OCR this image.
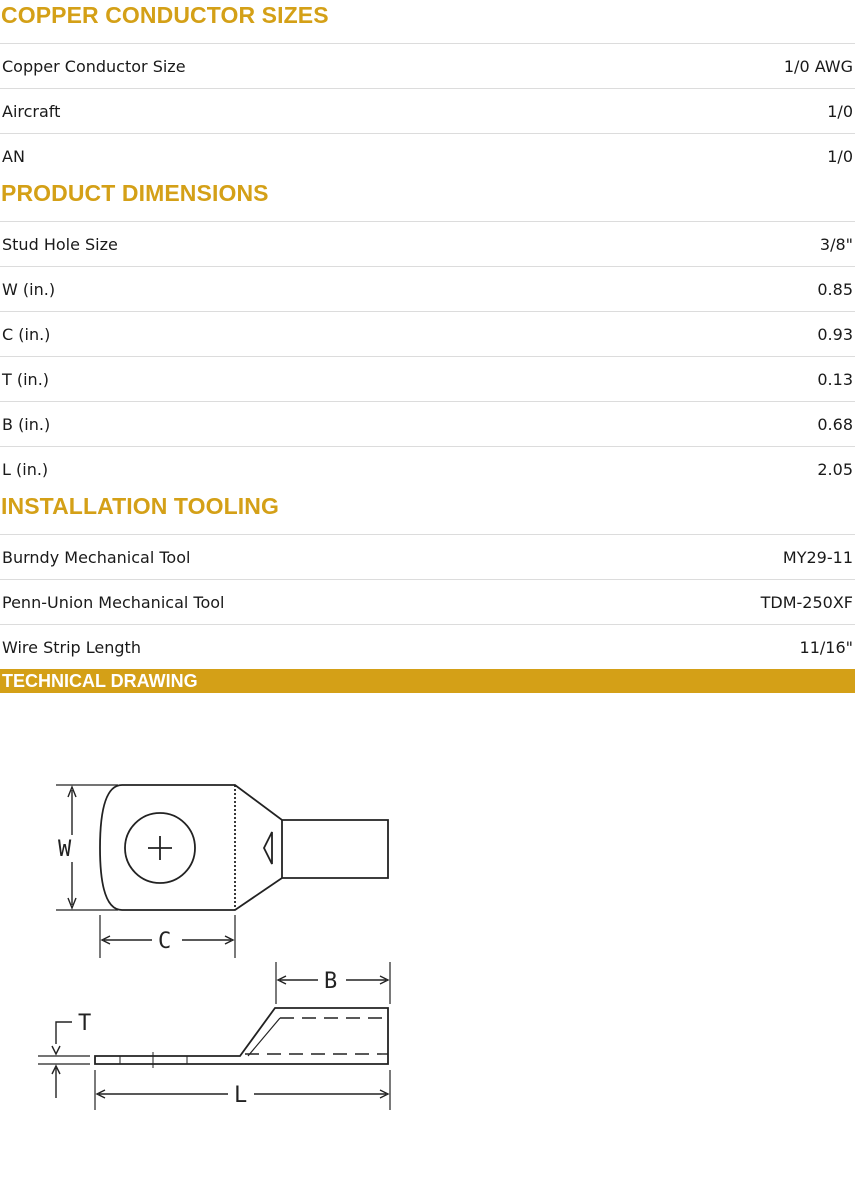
COPPER CONDUCTOR SIZES
Copper Conductor Size	1/0 AWG
Aircraft	1/0
AN	1/0
PRODUCT DIMENSIONS
Stud Hole Size	3/8"
W (in.)	0.85
C (in.)	0.93
T (in.)	0.13
B (in.)	0.68
L (in.)	2.05
INSTALLATION TOOLING
Burndy Mechanical Tool	MY29-11
Penn-Union Mechanical Tool	TDM-250XF
Wire Strip Length	11/16"
TECHNICAL DRAWING
W
C
B
T
L
